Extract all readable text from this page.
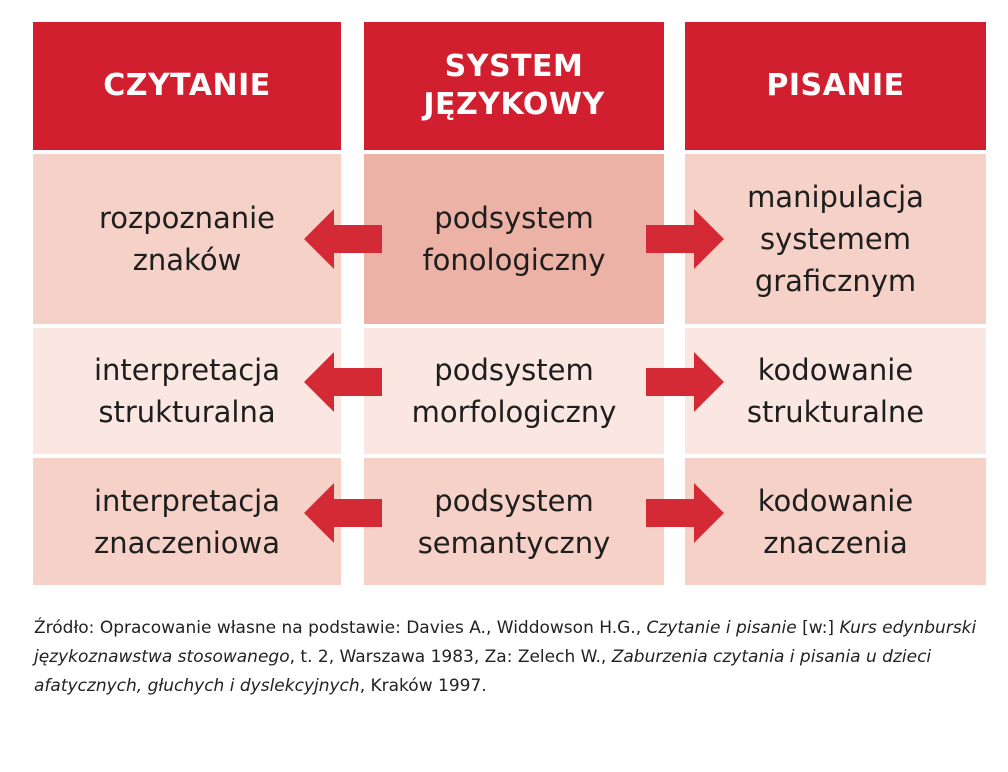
CZYTANIE
SYSTEM
JĘZYKOWY
PISANIE
rozpoznanie
znaków
podsystem
fonologiczny
manipulacja
systemem
graficznym
interpretacja
strukturalna
podsystem
morfologiczny
kodowanie
strukturalne
interpretacja
znaczeniowa
podsystem
semantyczny
kodowanie
znaczenia
Źródło: Opracowanie własne na podstawie: Davies A., Widdowson H.G., Czytanie i pisanie [w:] Kurs edynburski językoznawstwa stosowanego, t. 2, Warszawa 1983, Za: Zelech W., Zaburzenia czytania i pisania u dzieci afatycznych, głuchych i dyslekcyjnych, Kraków 1997.
